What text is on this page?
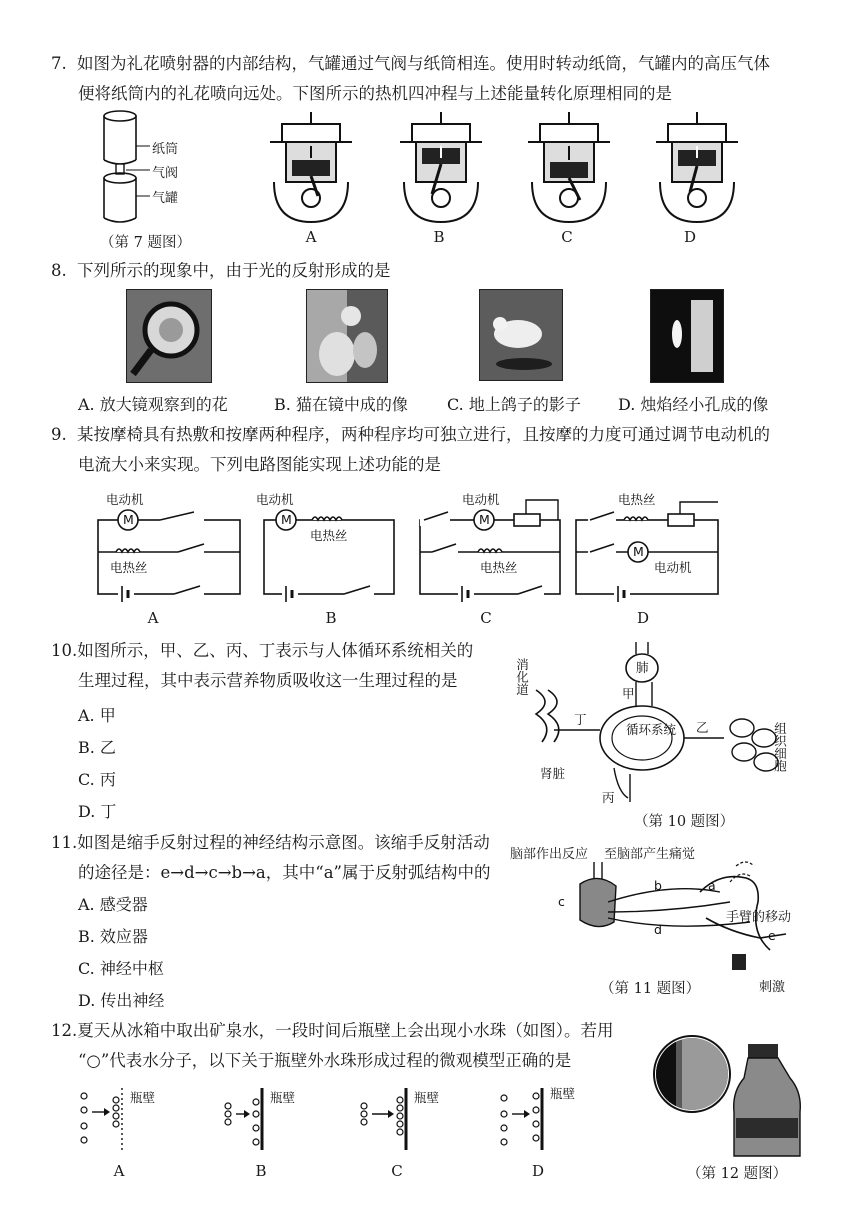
7. 如图为礼花喷射器的内部结构，气罐通过气阀与纸筒相连。使用时转动纸筒，气罐内的高压气体
便将纸筒内的礼花喷向远处。下图所示的热机四冲程与上述能量转化原理相同的是
纸筒
气阀
气罐
（第 7 题图）	A	B	C	D
8. 下列所示的现象中，由于光的反射形成的是
A. 放大镜观察到的花	B. 猫在镜中成的像 C. 地上鸽子的影子 D. 烛焰经小孔成的像
9. 某按摩椅具有热敷和按摩两种程序，两种程序均可独立进行，且按摩的力度可通过调节电动机的
电流大小来实现。下列电路图能实现上述功能的是
电动机
M
电热丝
电动机
M
电热丝
电动机
M
电热丝
电热丝
M
电动机
A	B	C	D
10.如图所示，甲、乙、丙、丁表示与人体循环系统相关的
生理过程，其中表示营养物质吸收这一生理过程的是
A. 甲
B. 乙
C. 丙
D. 丁
消化道	肺
甲
循环系统
丁
乙	组织细胞
肾脏
丙
（第 10 题图）
11.如图是缩手反射过程的神经结构示意图。该缩手反射活动
的途径是：e→d→c→b→a，其中“a”属于反射弧结构中的
A. 感受器
B. 效应器
C. 神经中枢
D. 传出神经
脑部作出反应 至脑部产生痛觉
c
b	a
d	e
手臂的移动
刺激
（第 11 题图）
12.夏天从冰箱中取出矿泉水，一段时间后瓶壁上会出现小水珠（如图）。若用
“○”代表水分子，以下关于瓶壁外水珠形成过程的微观模型正确的是
瓶壁	瓶壁	瓶壁	瓶壁
A	B	C	D	（第 12 题图）
